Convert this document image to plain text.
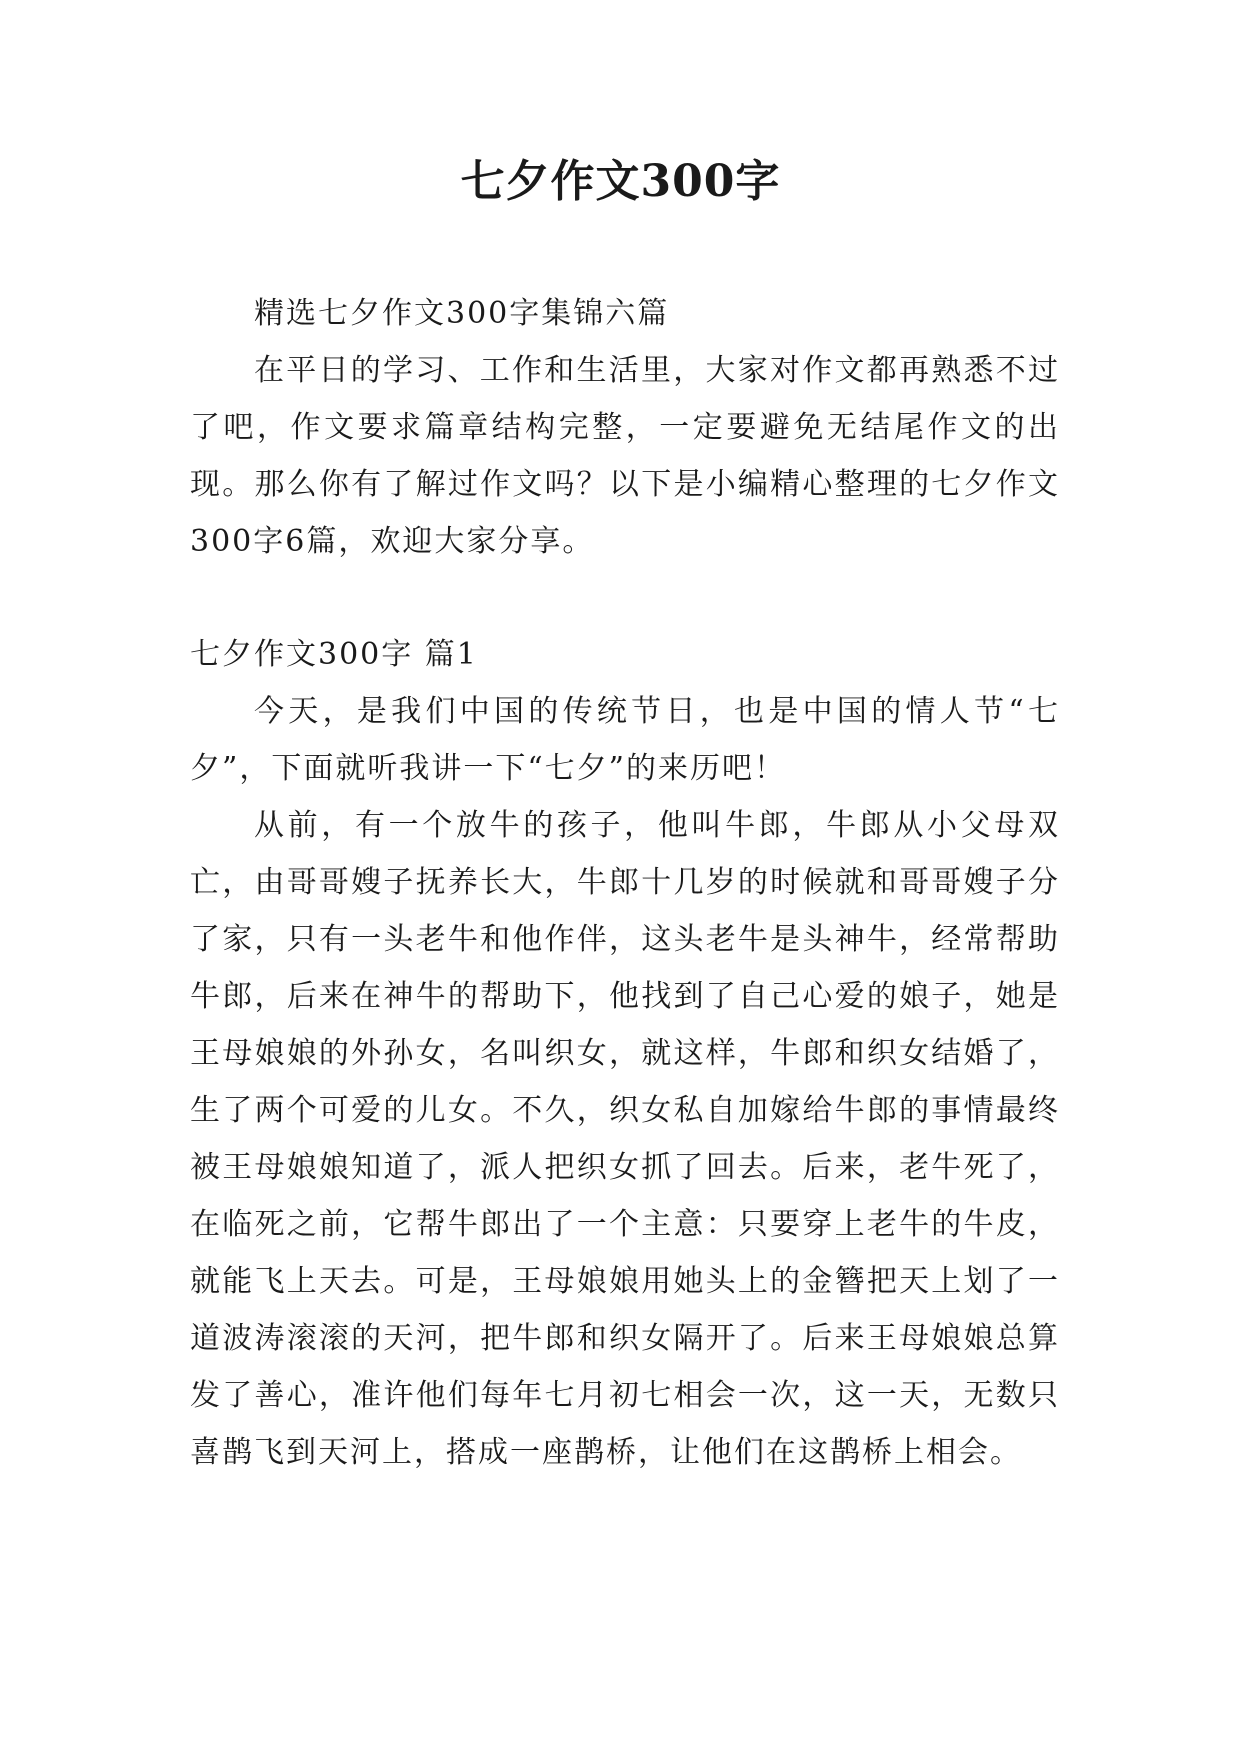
七夕作文300字

精选七夕作文300字集锦六篇

在平日的学习、工作和生活里，大家对作文都再熟悉不过了吧，作文要求篇章结构完整，一定要避免无结尾作文的出现。那么你有了解过作文吗？以下是小编精心整理的七夕作文300字6篇，欢迎大家分享。

七夕作文300字 篇1

今天，是我们中国的传统节日，也是中国的情人节“七夕”，下面就听我讲一下“七夕”的来历吧！

从前，有一个放牛的孩子，他叫牛郎，牛郎从小父母双亡，由哥哥嫂子抚养长大，牛郎十几岁的时候就和哥哥嫂子分了家，只有一头老牛和他作伴，这头老牛是头神牛，经常帮助牛郎，后来在神牛的帮助下，他找到了自己心爱的娘子，她是王母娘娘的外孙女，名叫织女，就这样，牛郎和织女结婚了，生了两个可爱的儿女。不久，织女私自加嫁给牛郎的事情最终被王母娘娘知道了，派人把织女抓了回去。后来，老牛死了，在临死之前，它帮牛郎出了一个主意：只要穿上老牛的牛皮，就能飞上天去。可是，王母娘娘用她头上的金簪把天上划了一道波涛滚滚的天河，把牛郎和织女隔开了。后来王母娘娘总算发了善心，准许他们每年七月初七相会一次，这一天，无数只喜鹊飞到天河上，搭成一座鹊桥，让他们在这鹊桥上相会。
